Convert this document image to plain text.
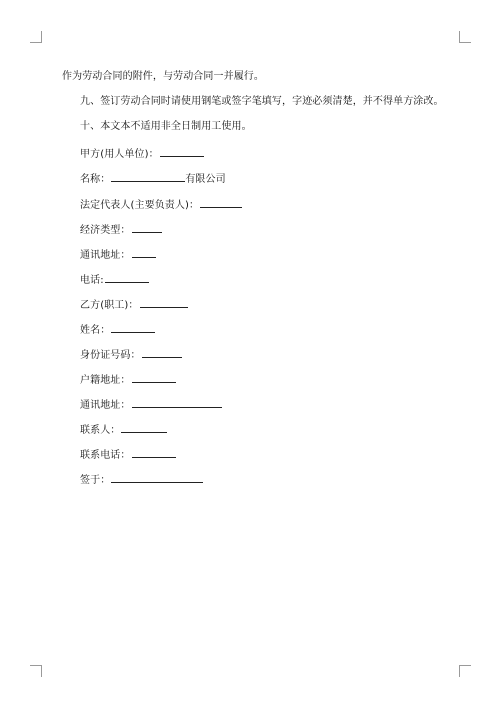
作为劳动合同的附件，与劳动合同一并履行。
九、签订劳动合同时请使用钢笔或签字笔填写，字迹必须清楚，并不得单方涂改。
十、本文本不适用非全日制用工使用。
甲方(用人单位)：
名称：	有限公司
法定代表人(主要负责人)：
经济类型：
通讯地址：
电话:
乙方(职工)：
姓名：
身份证号码：
户籍地址：
通讯地址：
联系人：
联系电话：
签于：
